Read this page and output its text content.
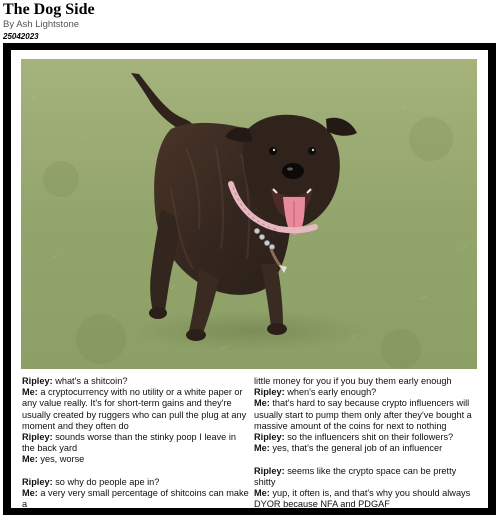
The Dog Side
By Ash Lightstone
25042023

Ripley: what's a shitcoin?

Me: a cryptocurrency with no utility or a white paper or any value really. It's for short-term gains and they're usually created by ruggers who can pull the plug at any moment and they often do

Ripley: sounds worse than the stinky poop I leave in the back yard

Me: yes, worse

Ripley: so why do people ape in?

Me: a very very small percentage of shitcoins can make a

little money for you if you buy them early enough

Ripley: when's early enough?

Me: that's hard to say because crypto influencers will usually start to pump them only after they've bought a massive amount of the coins for next to nothing

Ripley: so the influencers shit on their followers?

Me: yes, that's the general job of an influencer

Ripley: seems like the crypto space can be pretty shitty

Me: yup, it often is, and that's why you should always DYOR because NFA and PDGAF
